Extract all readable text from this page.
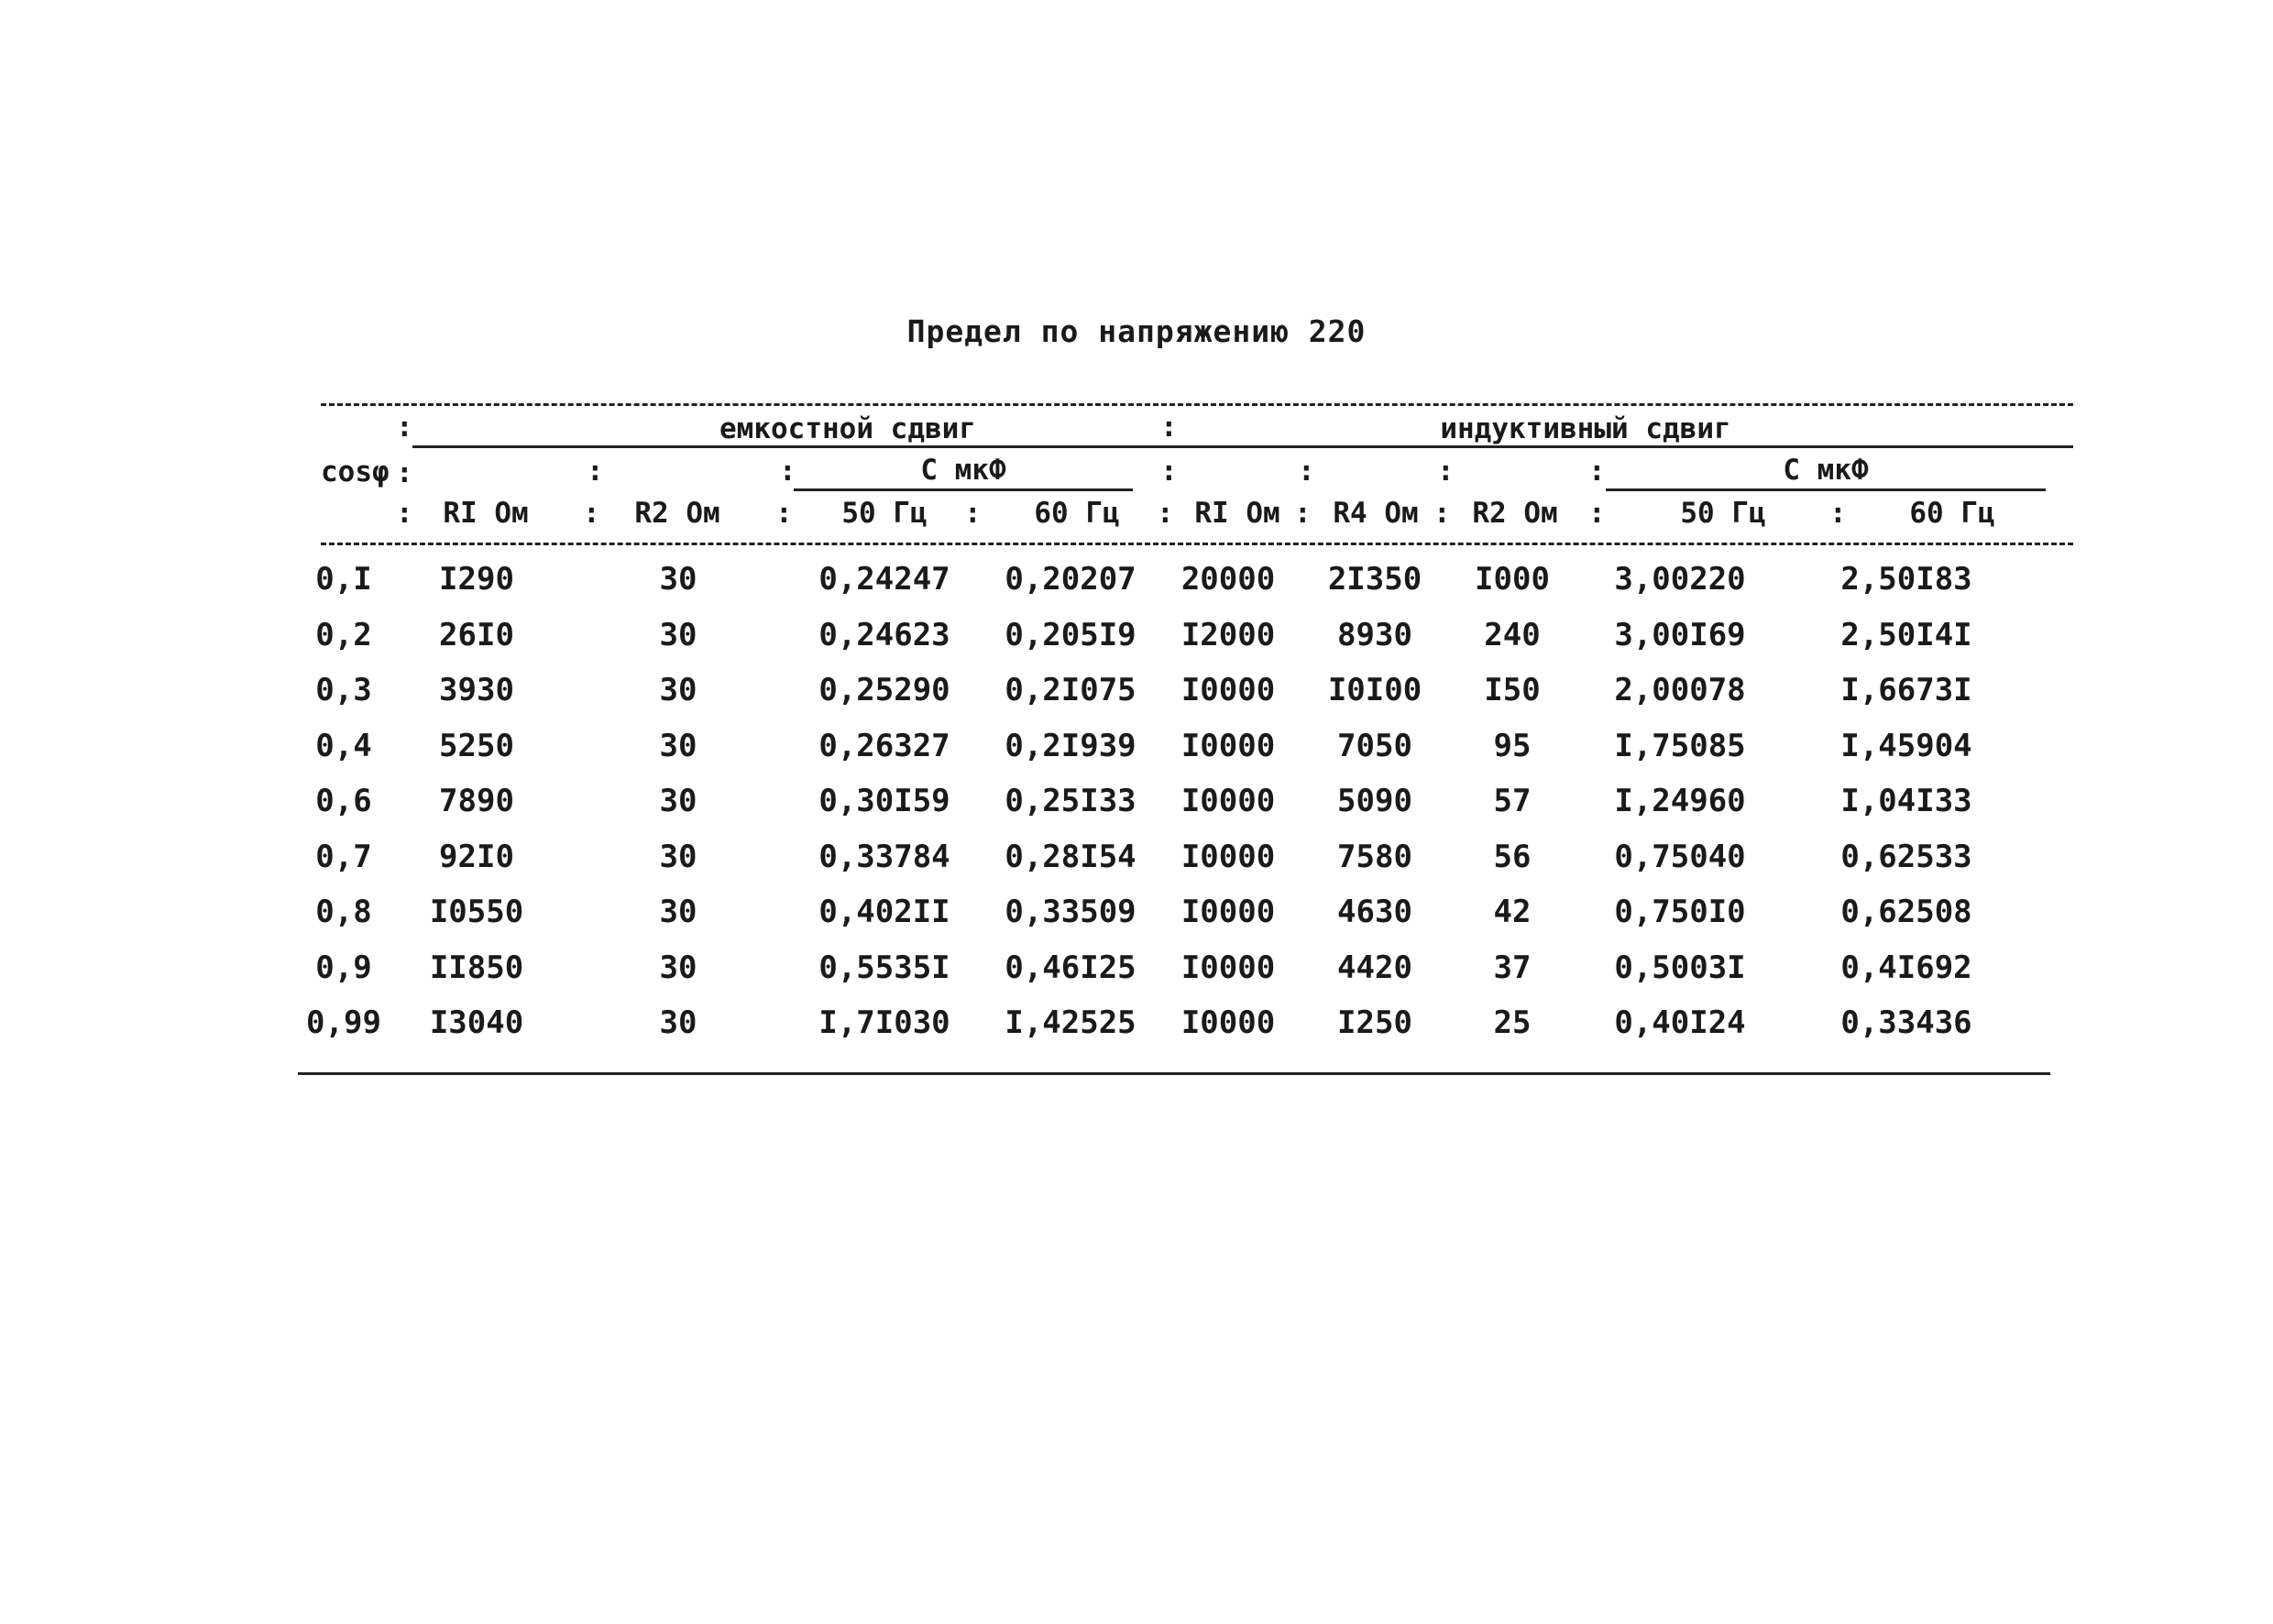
Предел по напряжению 220
:	:
емкостной сдвиг	индуктивный сдвиг
cosφ :	:	:	С мкФ	:	:	:	:	С мкФ
:	RI Ом	:	R2 Ом	:	50 Гц	:	60 Гц	: RI Ом : R4 Ом : R2 Ом	:	50 Гц	:	60 Гц
0,I	I290	30	0,24247	0,20207	20000	2I350	I000	3,00220	2,50I83
0,2	26I0	30	0,24623	0,205I9	I2000	8930	240	3,00I69	2,50I4I
0,3	3930	30	0,25290	0,2I075	I0000	I0I00	I50	2,00078	I,6673I
0,4	5250	30	0,26327	0,2I939	I0000	7050	95	I,75085	I,45904
0,6	7890	30	0,30I59	0,25I33	I0000	5090	57	I,24960	I,04I33
0,7	92I0	30	0,33784	0,28I54	I0000	7580	56	0,75040	0,62533
0,8	I0550	30	0,402II	0,33509	I0000	4630	42	0,750I0	0,62508
0,9	II850	30	0,5535I	0,46I25	I0000	4420	37	0,5003I	0,4I692
0,99	I3040	30	I,7I030	I,42525	I0000	I250	25	0,40I24	0,33436
